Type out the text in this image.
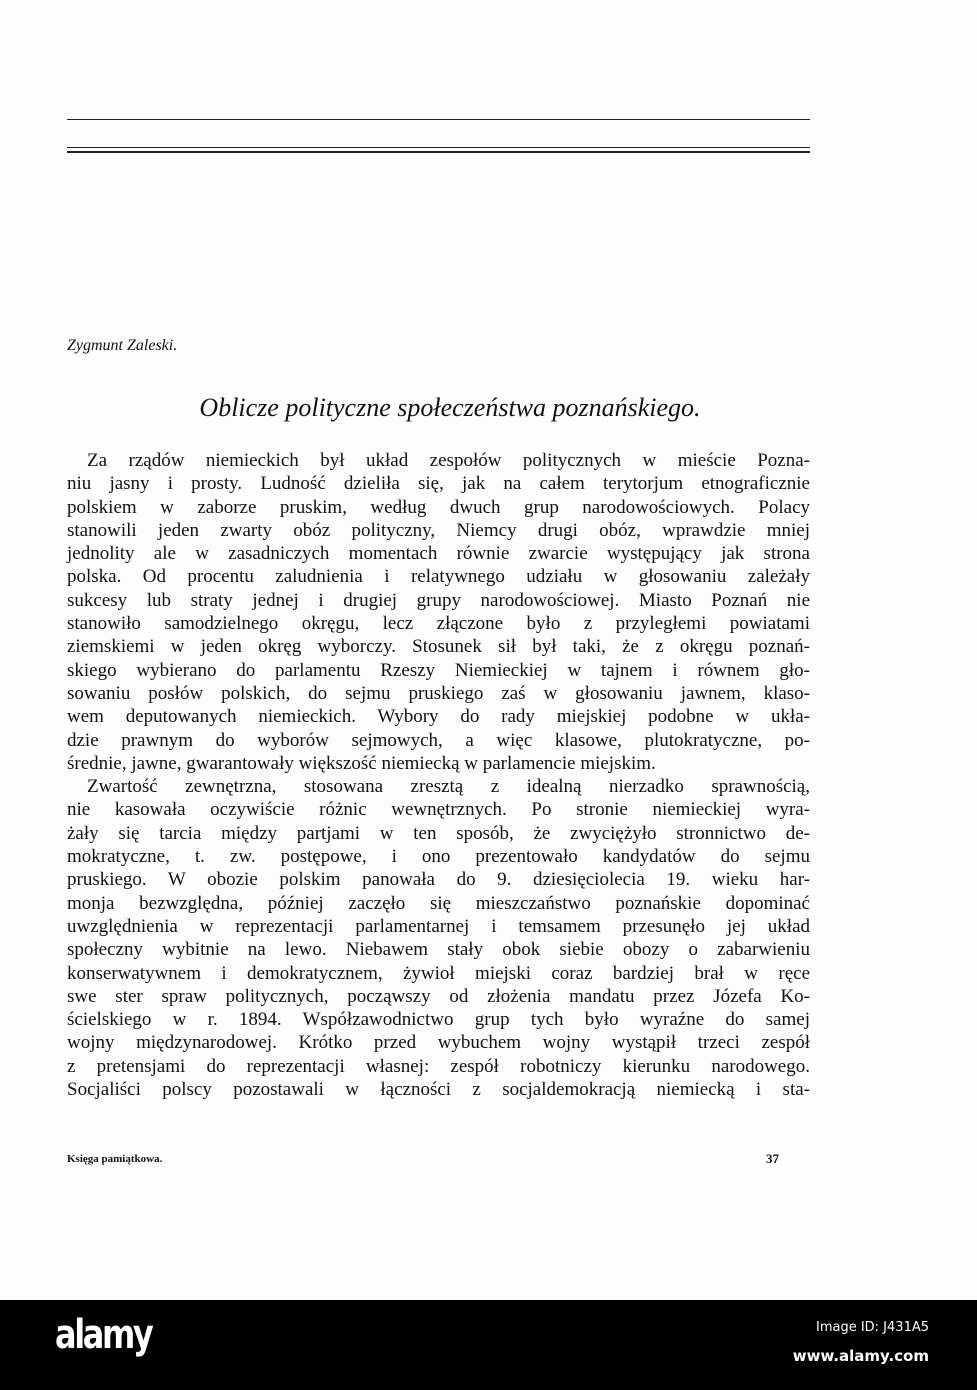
Zygmunt Zaleski.
Oblicze polityczne społeczeństwa poznańskiego.
Za rządów niemieckich był układ zespołów politycznych w mieście Pozna-
niu jasny i prosty. Ludność dzieliła się, jak na całem terytorjum etnograficznie
polskiem w zaborze pruskim, według dwuch grup narodowościowych. Polacy
stanowili jeden zwarty obóz polityczny, Niemcy drugi obóz, wprawdzie mniej
jednolity ale w zasadniczych momentach równie zwarcie występujący jak strona
polska. Od procentu zaludnienia i relatywnego udziału w głosowaniu zależały
sukcesy lub straty jednej i drugiej grupy narodowościowej. Miasto Poznań nie
stanowiło samodzielnego okręgu, lecz złączone było z przyległemi powiatami
ziemskiemi w jeden okręg wyborczy. Stosunek sił był taki, że z okręgu poznań-
skiego wybierano do parlamentu Rzeszy Niemieckiej w tajnem i równem gło-
sowaniu posłów polskich, do sejmu pruskiego zaś w głosowaniu jawnem, klaso-
wem deputowanych niemieckich. Wybory do rady miejskiej podobne w ukła-
dzie prawnym do wyborów sejmowych, a więc klasowe, plutokratyczne, po-
średnie, jawne, gwarantowały większość niemiecką w parlamencie miejskim.
Zwartość zewnętrzna, stosowana zresztą z idealną nierzadko sprawnością,
nie kasowała oczywiście różnic wewnętrznych. Po stronie niemieckiej wyra-
żały się tarcia między partjami w ten sposób, że zwyciężyło stronnictwo de-
mokratyczne, t. zw. postępowe, i ono prezentowało kandydatów do sejmu
pruskiego. W obozie polskim panowała do 9. dziesięciolecia 19. wieku har-
monja bezwzględna, później zaczęło się mieszczaństwo poznańskie dopominać
uwzględnienia w reprezentacji parlamentarnej i temsamem przesunęło jej układ
społeczny wybitnie na lewo. Niebawem stały obok siebie obozy o zabarwieniu
konserwatywnem i demokratycznem, żywioł miejski coraz bardziej brał w ręce
swe ster spraw politycznych, począwszy od złożenia mandatu przez Józefa Ko-
ścielskiego w r. 1894. Współzawodnictwo grup tych było wyraźne do samej
wojny międzynarodowej. Krótko przed wybuchem wojny wystąpił trzeci zespół
z pretensjami do reprezentacji własnej: zespół robotniczy kierunku narodowego.
Socjaliści polscy pozostawali w łączności z socjaldemokracją niemiecką i sta-
Księga pamiątkowa.	37
alamy	Image ID: J431A5
www.alamy.com
